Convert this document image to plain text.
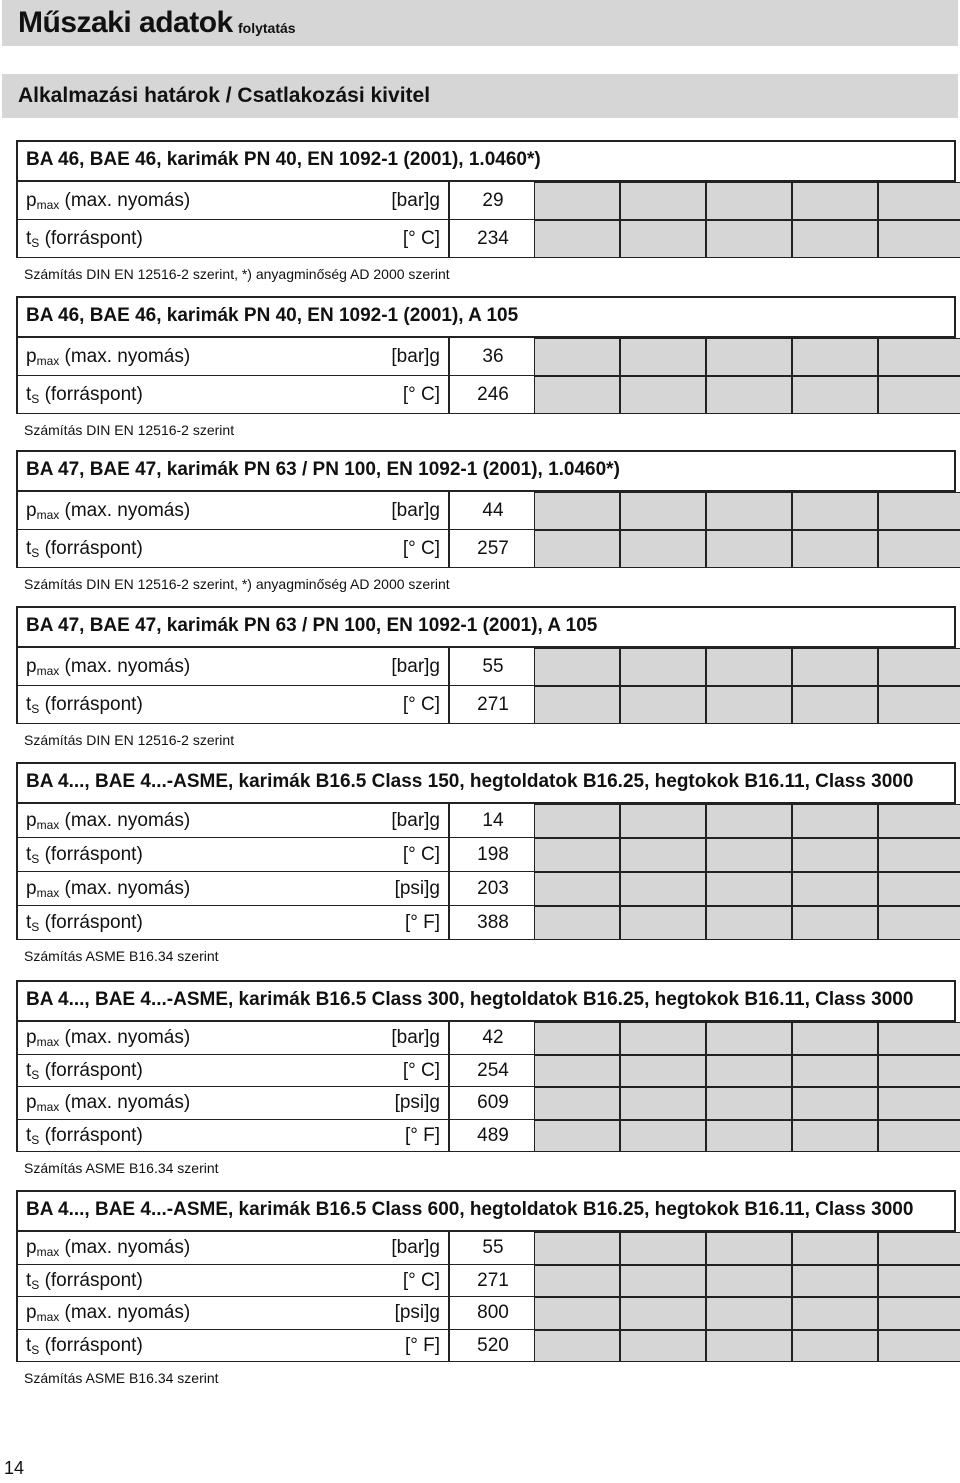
Műszaki adatok folytatás
Alkalmazási határok / Csatlakozási kivitel
BA 46, BAE 46, karimák PN 40, EN 1092-1 (2001), 1.0460*)
$p_{max}$ (max. nyomás)	[bar]g	29
$t_S$ (forráspont)	[° C]	234
Számítás DIN EN 12516-2 szerint, *) anyagminőség AD 2000 szerint
BA 46, BAE 46, karimák PN 40, EN 1092-1 (2001), A 105
$p_{max}$ (max. nyomás)	[bar]g	36
$t_S$ (forráspont)	[° C]	246
Számítás DIN EN 12516-2 szerint
BA 47, BAE 47, karimák PN 63 / PN 100, EN 1092-1 (2001), 1.0460*)
$p_{max}$ (max. nyomás)	[bar]g	44
$t_S$ (forráspont)	[° C]	257
Számítás DIN EN 12516-2 szerint, *) anyagminőség AD 2000 szerint
BA 47, BAE 47, karimák PN 63 / PN 100, EN 1092-1 (2001), A 105
$p_{max}$ (max. nyomás)	[bar]g	55
$t_S$ (forráspont)	[° C]	271
Számítás DIN EN 12516-2 szerint
BA 4..., BAE 4...-ASME, karimák B16.5 Class 150, hegtoldatok B16.25, hegtokok B16.11, Class 3000
$p_{max}$ (max. nyomás)	[bar]g	14
$t_S$ (forráspont)	[° C]	198
$p_{max}$ (max. nyomás)	[psi]g	203
$t_S$ (forráspont)	[° F]	388
Számítás ASME B16.34 szerint
BA 4..., BAE 4...-ASME, karimák B16.5 Class 300, hegtoldatok B16.25, hegtokok B16.11, Class 3000
$p_{max}$ (max. nyomás)	[bar]g	42
$t_S$ (forráspont)	[° C]	254
$p_{max}$ (max. nyomás)	[psi]g	609
$t_S$ (forráspont)	[° F]	489
Számítás ASME B16.34 szerint
BA 4..., BAE 4...-ASME, karimák B16.5 Class 600, hegtoldatok B16.25, hegtokok B16.11, Class 3000
$p_{max}$ (max. nyomás)	[bar]g	55
$t_S$ (forráspont)	[° C]	271
$p_{max}$ (max. nyomás)	[psi]g	800
$t_S$ (forráspont)	[° F]	520
Számítás ASME B16.34 szerint
14
